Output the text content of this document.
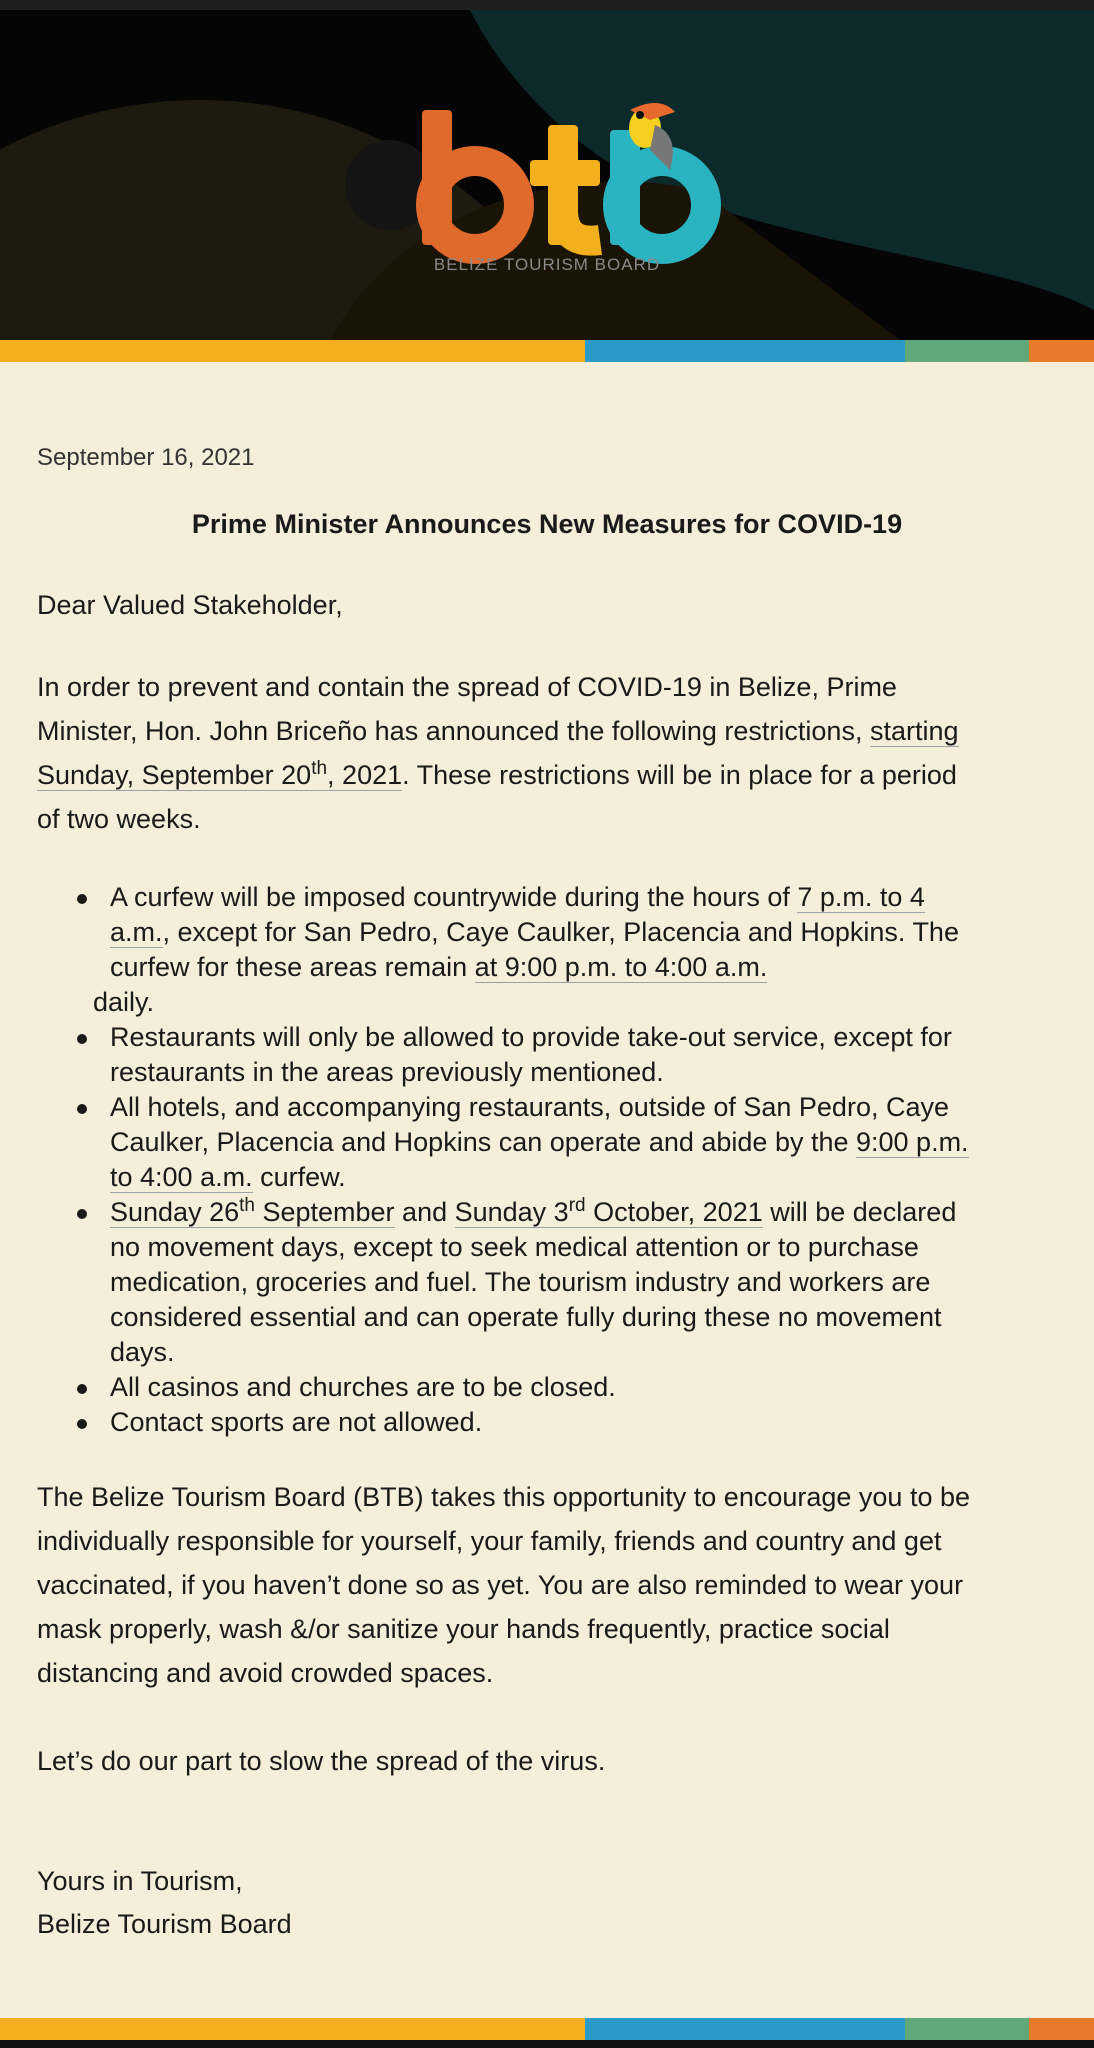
BELIZE TOURISM BOARD
September 16, 2021
Prime Minister Announces New Measures for COVID-19
Dear Valued Stakeholder,

In order to prevent and contain the spread of COVID-19 in Belize, Prime

Minister, Hon. John Briceño has announced the following restrictions, starting

Sunday, September 20th, 2021. These restrictions will be in place for a period

of two weeks.

A curfew will be imposed countrywide during the hours of 7 p.m. to 4
a.m., except for San Pedro, Caye Caulker, Placencia and Hopkins. The
curfew for these areas remain at 9:00 p.m. to 4:00 a.m.
daily.
Restaurants will only be allowed to provide take-out service, except for
restaurants in the areas previously mentioned.
All hotels, and accompanying restaurants, outside of San Pedro, Caye
Caulker, Placencia and Hopkins can operate and abide by the 9:00 p.m.
to 4:00 a.m. curfew.
Sunday 26th September and Sunday 3rd October, 2021 will be declared
no movement days, except to seek medical attention or to purchase
medication, groceries and fuel. The tourism industry and workers are
considered essential and can operate fully during these no movement
days.
All casinos and churches are to be closed.
Contact sports are not allowed.

The Belize Tourism Board (BTB) takes this opportunity to encourage you to be

individually responsible for yourself, your family, friends and country and get

vaccinated, if you haven’t done so as yet. You are also reminded to wear your

mask properly, wash &/or sanitize your hands frequently, practice social

distancing and avoid crowded spaces.

Let’s do our part to slow the spread of the virus.
Yours in Tourism,
Belize Tourism Board
